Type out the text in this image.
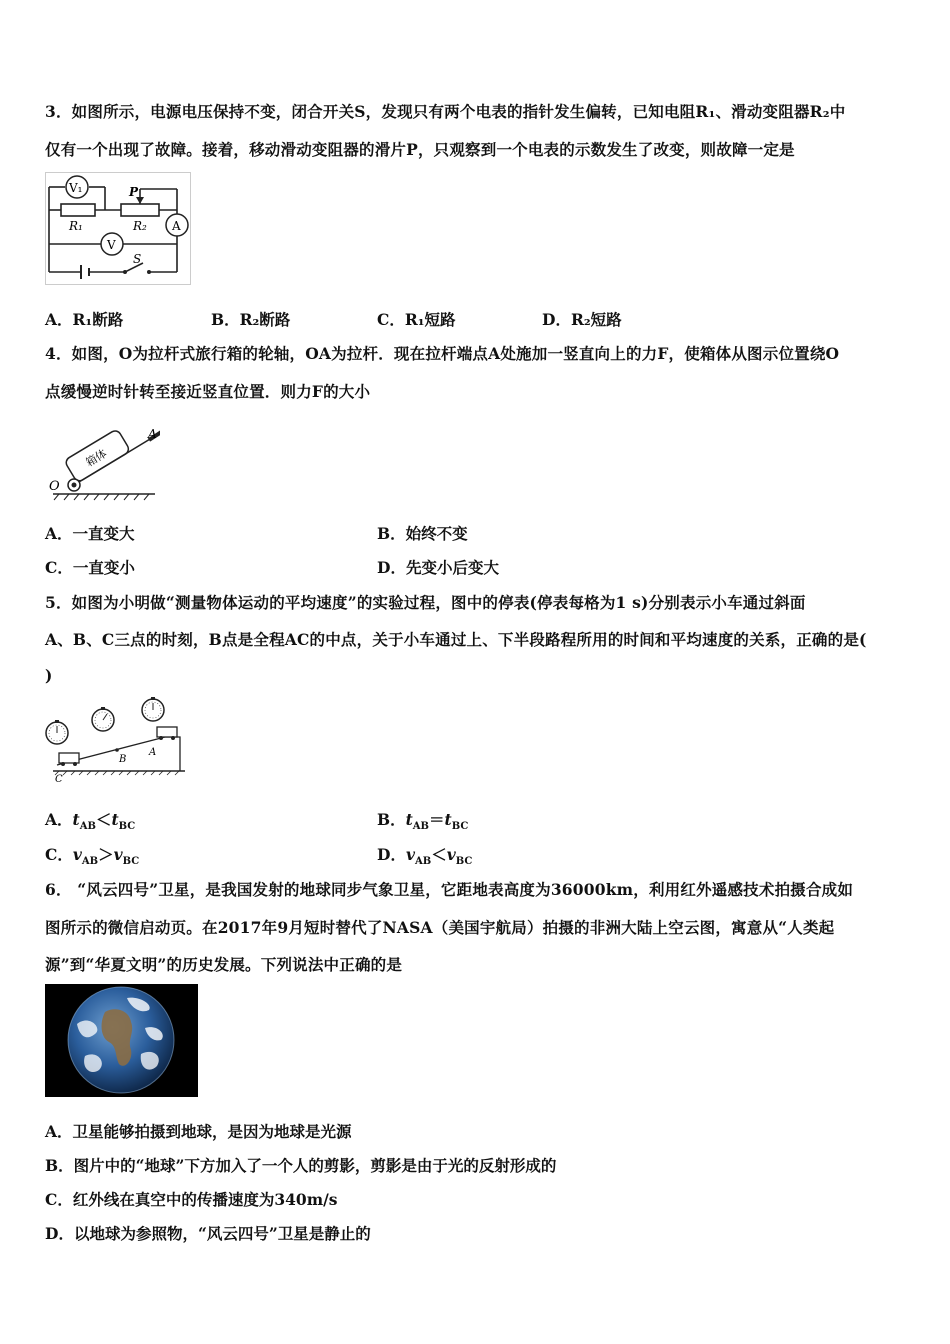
3．如图所示，电源电压保持不变，闭合开关S，发现只有两个电表的指针发生偏转，已知电阻R₁、滑动变阻器R₂中
仅有一个出现了故障。接着，移动滑动变阻器的滑片P，只观察到一个电表的示数发生了改变，则故障一定是
V₁
A
V
P
R₁	R₂
S
A．R₁断路	B．R₂断路	C．R₁短路	D．R₂短路
4．如图，O为拉杆式旅行箱的轮轴，OA为拉杆．现在拉杆端点A处施加一竖直向上的力F，使箱体从图示位置绕O
点缓慢逆时针转至接近竖直位置．则力F的大小
箱体
O
A
A．一直变大	B．始终不变
C．一直变小	D．先变小后变大
5．如图为小明做“测量物体运动的平均速度”的实验过程，图中的停表(停表每格为1 s)分别表示小车通过斜面
A、B、C三点的时刻，B点是全程AC的中点，关于小车通过上、下半段路程所用的时间和平均速度的关系，正确的是(
)
A
B
C
A．$t_{AB}<t_{BC}$	B．$t_{AB}=t_{BC}$
C．$v_{AB}>v_{BC}$	D．$v_{AB}<v_{BC}$
6． “风云四号”卫星，是我国发射的地球同步气象卫星，它距地表高度为36000km，利用红外遥感技术拍摄合成如
图所示的微信启动页。在2017年9月短时替代了NASA（美国宇航局）拍摄的非洲大陆上空云图，寓意从“人类起
源”到“华夏文明”的历史发展。下列说法中正确的是
A．卫星能够拍摄到地球，是因为地球是光源
B．图片中的“地球”下方加入了一个人的剪影，剪影是由于光的反射形成的
C．红外线在真空中的传播速度为340m/s
D．以地球为参照物，“风云四号”卫星是静止的
